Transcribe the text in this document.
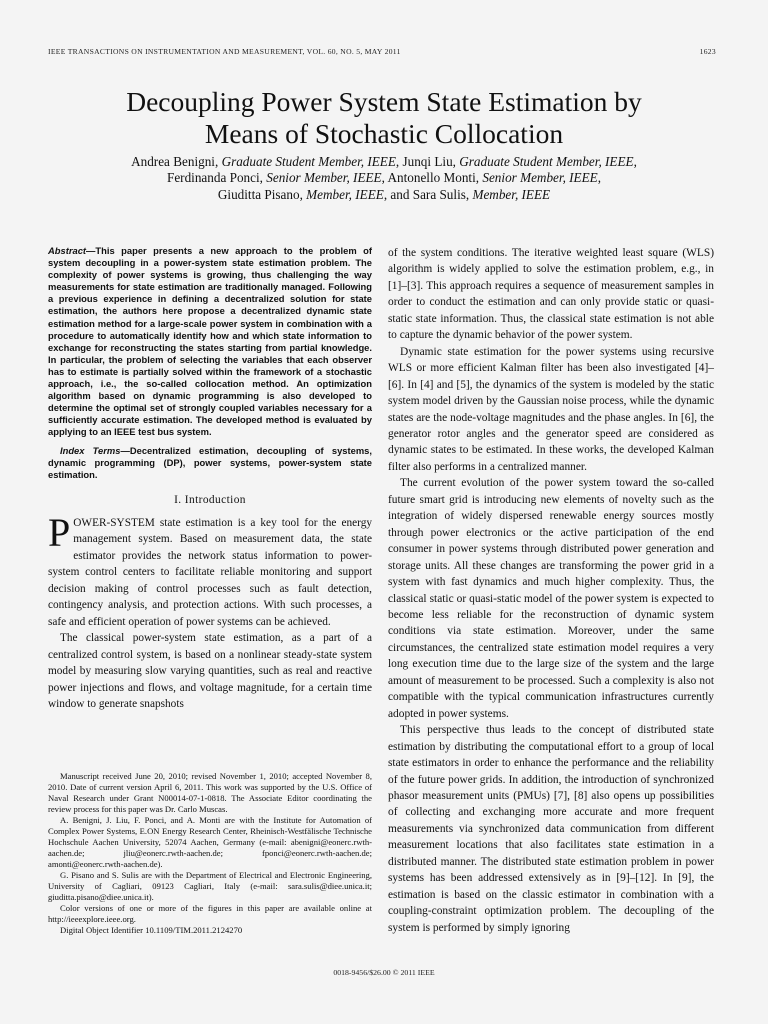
IEEE TRANSACTIONS ON INSTRUMENTATION AND MEASUREMENT, VOL. 60, NO. 5, MAY 2011	1623
Decoupling Power System State Estimation by
Means of Stochastic Collocation
Andrea Benigni, Graduate Student Member, IEEE, Junqi Liu, Graduate Student Member, IEEE,
Ferdinanda Ponci, Senior Member, IEEE, Antonello Monti, Senior Member, IEEE,
Giuditta Pisano, Member, IEEE, and Sara Sulis, Member, IEEE

Abstract—This paper presents a new approach to the problem of system decoupling in a power-system state estimation problem. The complexity of power systems is growing, thus challenging the way measurements for state estimation are traditionally managed. Following a previous experience in defining a decentralized solution for state estimation, the authors here propose a decentralized dynamic state estimation method for a large-scale power system in combination with a procedure to automatically identify how and which state information to exchange for reconstructing the states starting from partial knowledge. In particular, the problem of selecting the variables that each observer has to estimate is partially solved within the framework of a stochastic approach, i.e., the so-called collocation method. An optimization algorithm based on dynamic programming is also developed to determine the optimal set of strongly coupled variables necessary for a sufficiently accurate estimation. The developed method is evaluated by applying to an IEEE test bus system.

Index Terms—Decentralized estimation, decoupling of systems, dynamic programming (DP), power systems, power-system state estimation.

I. Introduction

POWER-SYSTEM state estimation is a key tool for the energy management system. Based on measurement data, the state estimator provides the network status information to power-system control centers to facilitate reliable monitoring and support decision making of control processes such as fault detection, contingency analysis, and protection actions. With such processes, a safe and efficient operation of power systems can be achieved.

The classical power-system state estimation, as a part of a centralized control system, is based on a nonlinear steady-state system model by measuring slow varying quantities, such as real and reactive power injections and flows, and voltage magnitude, for a certain time window to generate snapshots

Manuscript received June 20, 2010; revised November 1, 2010; accepted November 8, 2010. Date of current version April 6, 2011. This work was supported by the U.S. Office of Naval Research under Grant N00014-07-1-0818. The Associate Editor coordinating the review process for this paper was Dr. Carlo Muscas.

A. Benigni, J. Liu, F. Ponci, and A. Monti are with the Institute for Automation of Complex Power Systems, E.ON Energy Research Center, Rheinisch-Westfälische Technische Hochschule Aachen University, 52074 Aachen, Germany (e-mail: abenigni@eonerc.rwth-aachen.de; jliu@eonerc.rwth-aachen.de; fponci@eonerc.rwth-aachen.de; amonti@eonerc.rwth-aachen.de).

G. Pisano and S. Sulis are with the Department of Electrical and Electronic Engineering, University of Cagliari, 09123 Cagliari, Italy (e-mail: sara.sulis@diee.unica.it; giuditta.pisano@diee.unica.it).

Color versions of one or more of the figures in this paper are available online at http://ieeexplore.ieee.org.

Digital Object Identifier 10.1109/TIM.2011.2124270

of the system conditions. The iterative weighted least square (WLS) algorithm is widely applied to solve the estimation problem, e.g., in [1]–[3]. This approach requires a sequence of measurement samples in order to conduct the estimation and can only provide static or quasi-static state information. Thus, the classical state estimation is not able to capture the dynamic behavior of the power system.

Dynamic state estimation for the power systems using recursive WLS or more efficient Kalman filter has been also investigated [4]–[6]. In [4] and [5], the dynamics of the system is modeled by the static system model driven by the Gaussian noise process, while the dynamic states are the node-voltage magnitudes and the phase angles. In [6], the generator rotor angles and the generator speed are considered as dynamic states to be estimated. In these works, the developed Kalman filter also performs in a centralized manner.

The current evolution of the power system toward the so-called future smart grid is introducing new elements of novelty such as the integration of widely dispersed renewable energy sources mostly through power electronics or the active participation of the end consumer in power systems through distributed power generation and storage units. All these changes are transforming the power grid in a system with fast dynamics and much higher complexity. Thus, the classical static or quasi-static model of the power system is expected to become less reliable for the reconstruction of dynamic system conditions via state estimation. Moreover, under the same circumstances, the centralized state estimation model requires a very long execution time due to the large size of the system and the large amount of measurement to be processed. Such a complexity is also not compatible with the typical communication infrastructures currently adopted in power systems.

This perspective thus leads to the concept of distributed state estimation by distributing the computational effort to a group of local state estimators in order to enhance the performance and the reliability of the future power grids. In addition, the introduction of synchronized phasor measurement units (PMUs) [7], [8] also opens up possibilities of collecting and exchanging more accurate and more frequent measurements via synchronized data communication from different measurement locations that also facilitates state estimation in a distributed manner. The distributed state estimation problem in power systems has been addressed extensively as in [9]–[12]. In [9], the estimation is based on the classic estimator in combination with a coupling-constraint optimization problem. The decoupling of the system is performed by simply ignoring

0018-9456/$26.00 © 2011 IEEE
